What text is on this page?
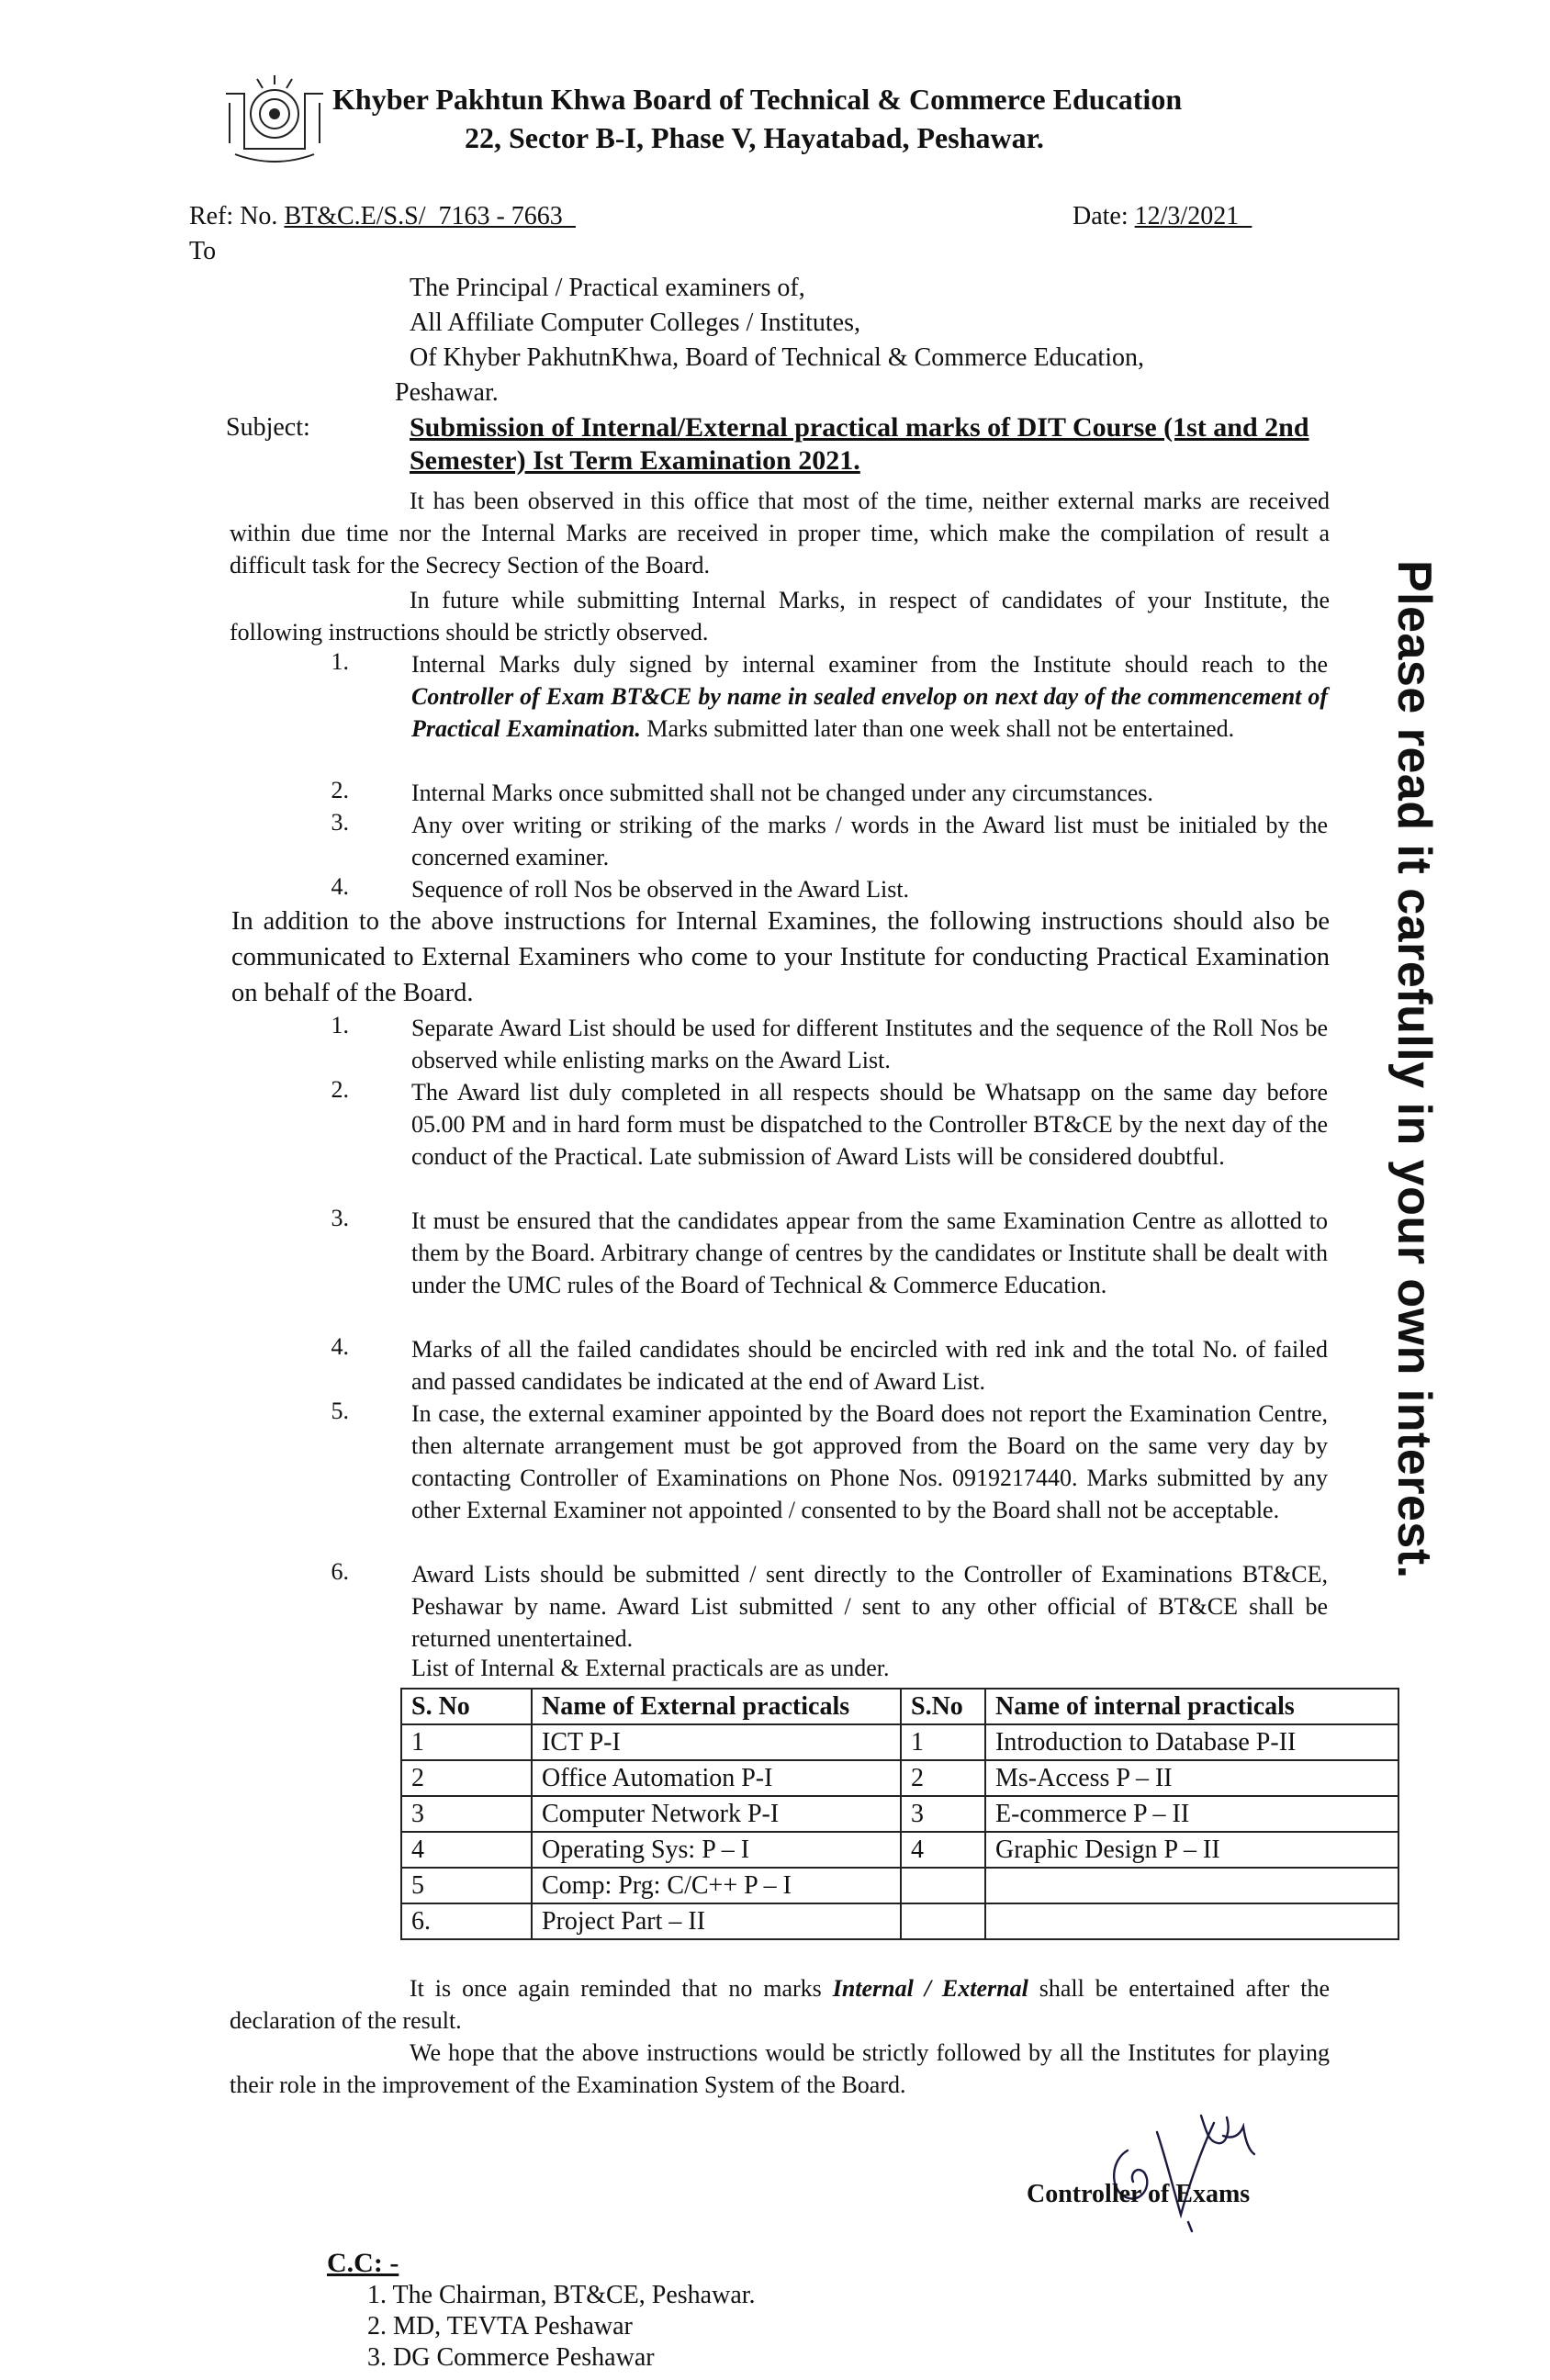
Khyber Pakhtun Khwa Board of Technical & Commerce Education
22, Sector B-I, Phase V, Hayatabad, Peshawar.
Ref: No. BT&C.E/S.S/_7163 - 7663_	Date: 12/3/2021_
To
The Principal / Practical examiners of,
All Affiliate Computer Colleges / Institutes,
Of Khyber PakhutnKhwa, Board of Technical & Commerce Education,
Peshawar.
Subject:	Submission of Internal/External practical marks of DIT Course (1st and 2nd Semester) Ist Term Examination 2021.
It has been observed in this office that most of the time, neither external marks are received within due time nor the Internal Marks are received in proper time, which make the compilation of result a difficult task for the Secrecy Section of the Board.
In future while submitting Internal Marks, in respect of candidates of your Institute, the following instructions should be strictly observed.
1.	Internal Marks duly signed by internal examiner from the Institute should reach to the Controller of Exam BT&CE by name in sealed envelop on next day of the commencement of Practical Examination. Marks submitted later than one week shall not be entertained.
2.	Internal Marks once submitted shall not be changed under any circumstances.
3.	Any over writing or striking of the marks / words in the Award list must be initialed by the concerned examiner.
4.	Sequence of roll Nos be observed in the Award List.
In addition to the above instructions for Internal Examines, the following instructions should also be communicated to External Examiners who come to your Institute for conducting Practical Examination on behalf of the Board.
1.	Separate Award List should be used for different Institutes and the sequence of the Roll Nos be observed while enlisting marks on the Award List.
2.	The Award list duly completed in all respects should be Whatsapp on the same day before 05.00 PM and in hard form must be dispatched to the Controller BT&CE by the next day of the conduct of the Practical. Late submission of Award Lists will be considered doubtful.
3.	It must be ensured that the candidates appear from the same Examination Centre as allotted to them by the Board. Arbitrary change of centres by the candidates or Institute shall be dealt with under the UMC rules of the Board of Technical & Commerce Education.
4.	Marks of all the failed candidates should be encircled with red ink and the total No. of failed and passed candidates be indicated at the end of Award List.
5.	In case, the external examiner appointed by the Board does not report the Examination Centre, then alternate arrangement must be got approved from the Board on the same very day by contacting Controller of Examinations on Phone Nos. 0919217440. Marks submitted by any other External Examiner not appointed / consented to by the Board shall not be acceptable.
6.	Award Lists should be submitted / sent directly to the Controller of Examinations BT&CE, Peshawar by name. Award List submitted / sent to any other official of BT&CE shall be returned unentertained.
List of Internal & External practicals are as under.
S. No	Name of External practicals	S.No	Name of internal practicals
1	ICT P-I	1	Introduction to Database P-II
2	Office Automation P-I	2	Ms-Access P – II
3	Computer Network P-I	3	E-commerce P – II
4	Operating Sys: P – I	4	Graphic Design P – II
5	Comp: Prg: C/C++ P – I		
6.	Project Part – II		
It is once again reminded that no marks Internal / External shall be entertained after the declaration of the result.
We hope that the above instructions would be strictly followed by all the Institutes for playing their role in the improvement of the Examination System of the Board.
Controller of Exams
Please read it carefully in your own interest.
C.C: -
1. The Chairman, BT&CE, Peshawar.
2. MD, TEVTA Peshawar
3. DG Commerce Peshawar
